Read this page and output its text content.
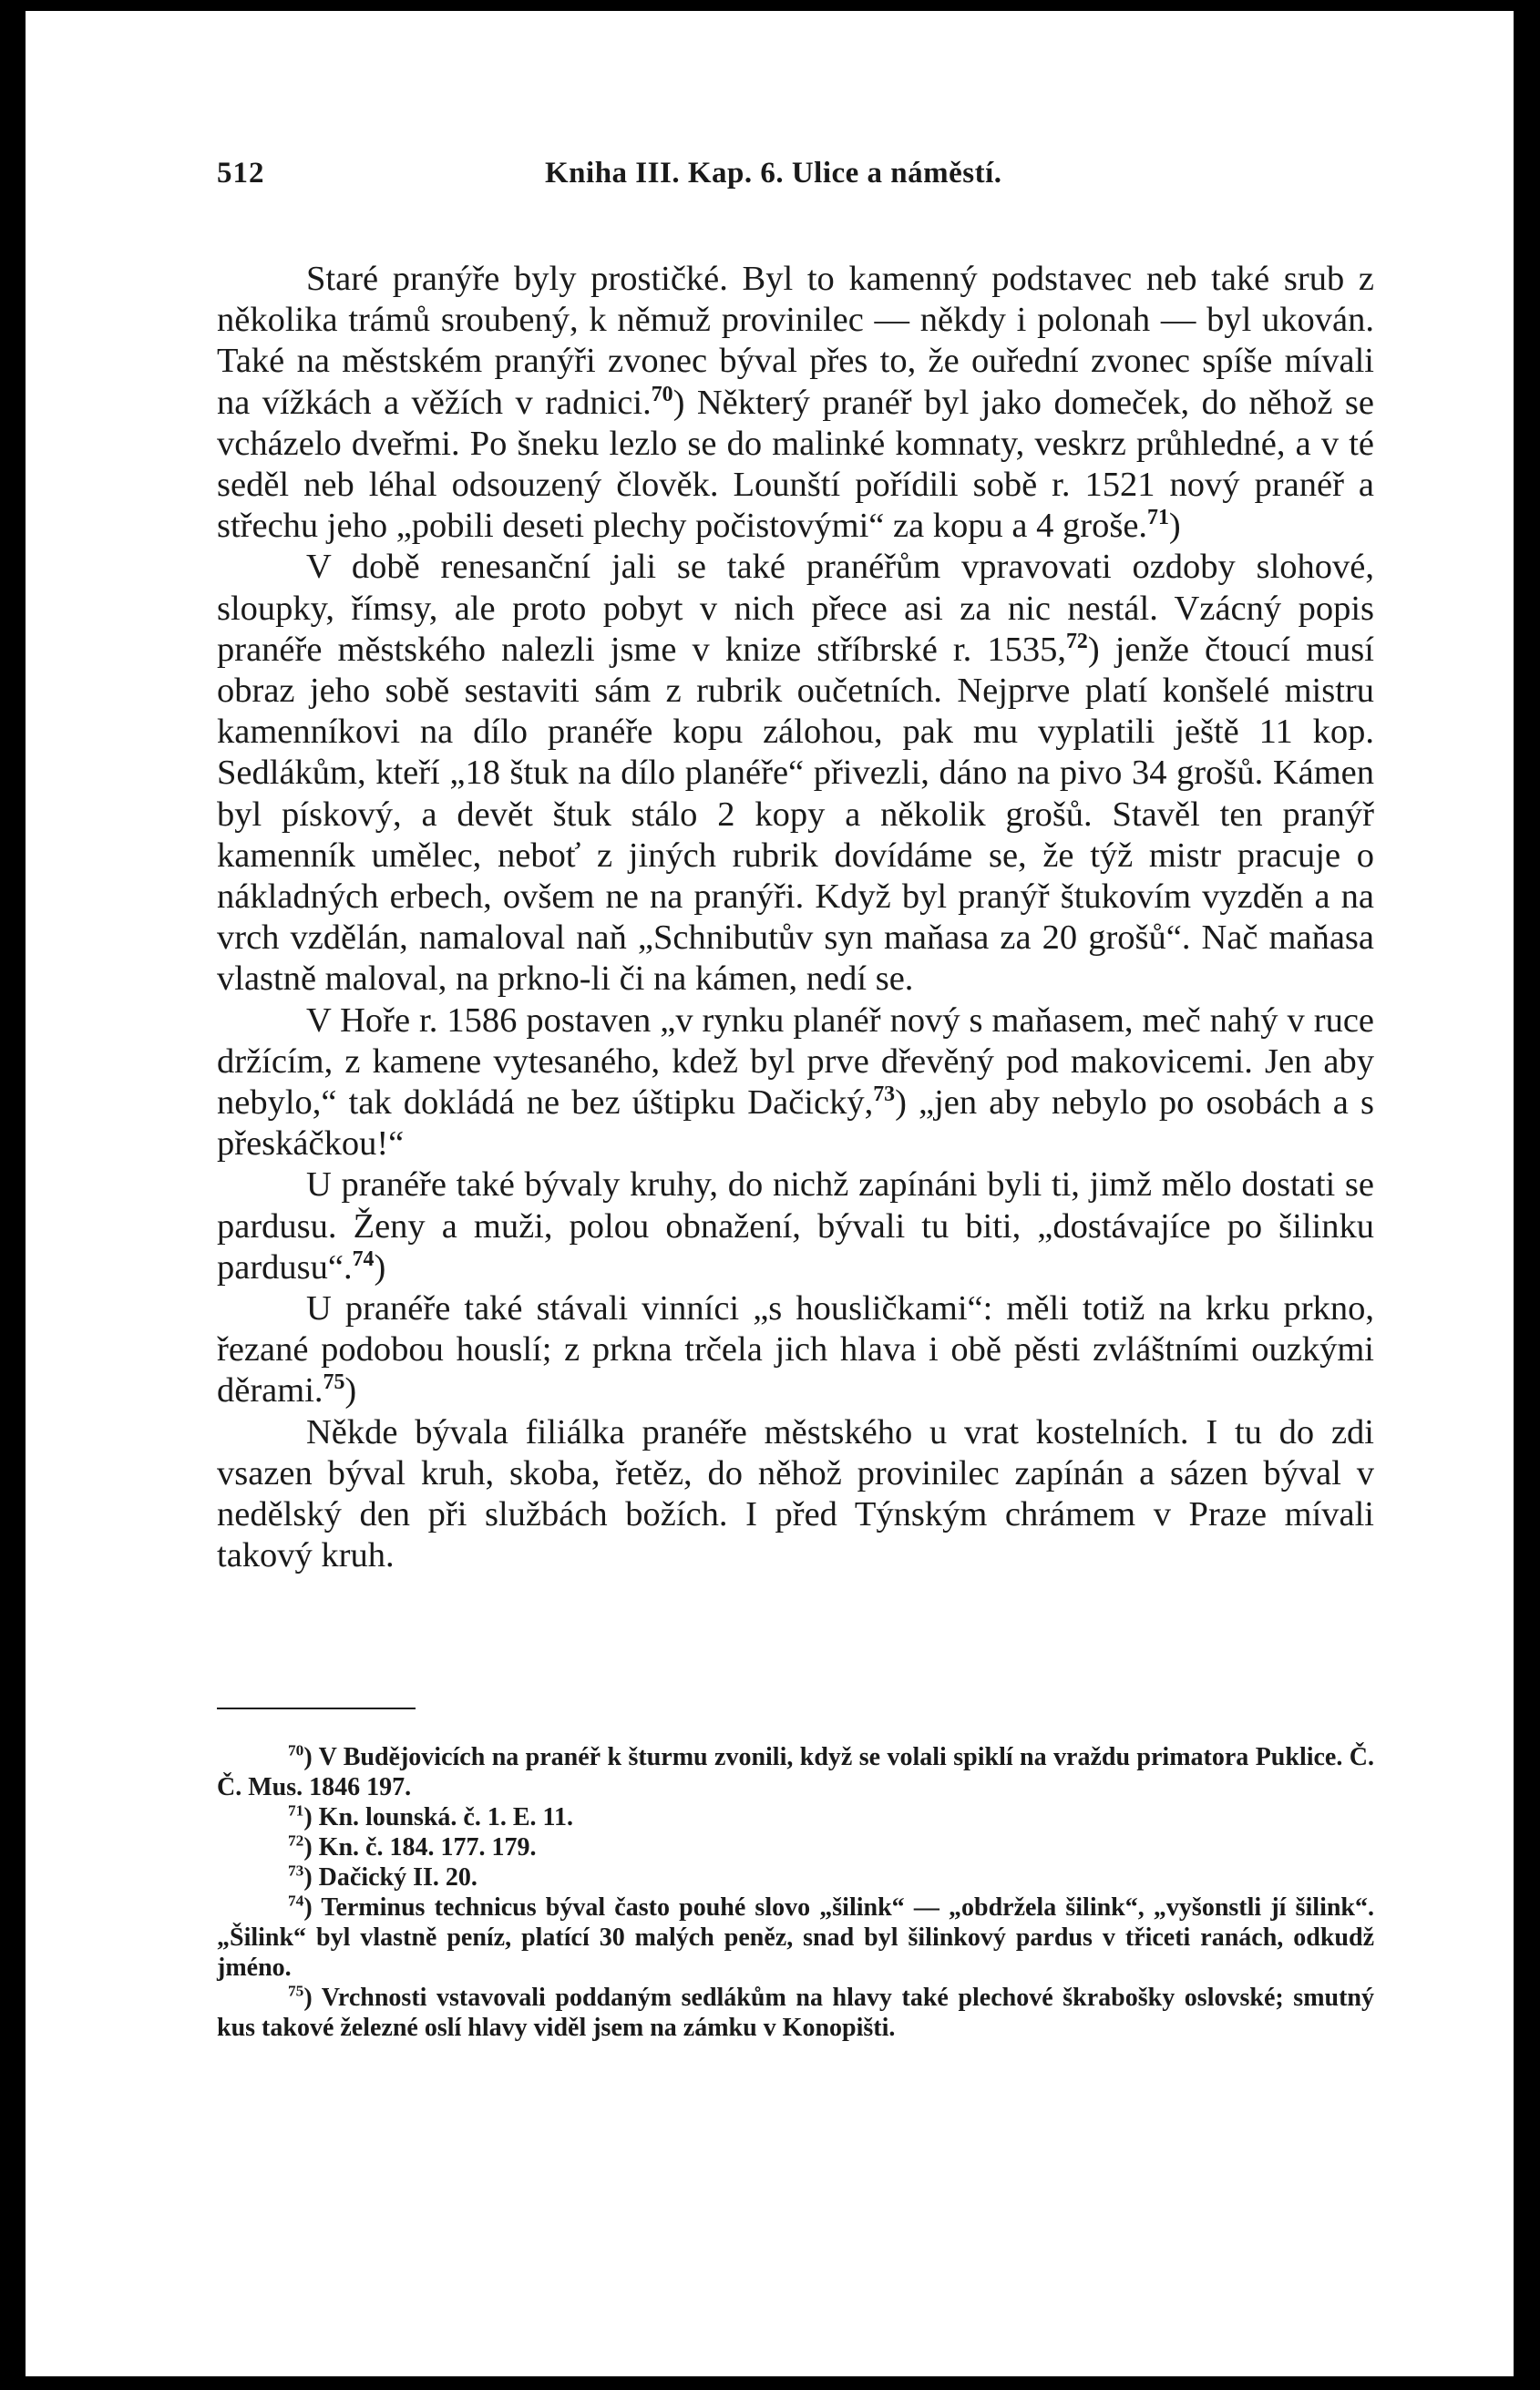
512	Kniha III. Kap. 6. Ulice a náměstí.

Staré pranýře byly prostičké. Byl to kamenný podstavec neb také srub z několika trámů sroubený, k němuž provinilec — někdy i polonah — byl ukován. Také na městském pranýři zvonec býval přes to, že ouřední zvonec spíše mívali na vížkách a věžích v radnici.$^{70}$) Některý pranéř byl jako domeček, do něhož se vcházelo dveřmi. Po šneku lezlo se do malinké komnaty, veskrz průhledné, a v té seděl neb léhal odsouzený člověk. Lounští pořídili sobě r. 1521 nový pranéř a střechu jeho „pobili deseti plechy počistovými“ za kopu a 4 groše.$^{71}$)

V době renesanční jali se také pranéřům vpravovati ozdoby slohové, sloupky, římsy, ale proto pobyt v nich přece asi za nic nestál. Vzácný popis pranéře městského nalezli jsme v knize stříbrské r. 1535,72) jenže čtoucí musí obraz jeho sobě sestaviti sám z rubrik oučetních. Nejprve platí konšelé mistru kamenníkovi na dílo pranéře kopu zálohou, pak mu vyplatili ještě 11 kop. Sedlákům, kteří „18 štuk na dílo planéře“ přivezli, dáno na pivo 34 grošů. Kámen byl pískový, a devět štuk stálo 2 kopy a několik grošů. Stavěl ten pranýř kamenník umělec, neboť z jiných rubrik dovídáme se, že týž mistr pracuje o nákladných erbech, ovšem ne na pranýři. Když byl pranýř štukovím vyzděn a na vrch vzdělán, namaloval naň „Schnibutův syn maňasa za 20 grošů“. Nač maňasa vlastně maloval, na prkno-li či na kámen, nedí se.

V Hoře r. 1586 postaven „v rynku planéř nový s maňasem, meč nahý v ruce držícím, z kamene vytesaného, kdež byl prve dřevěný pod makovicemi. Jen aby nebylo,“ tak dokládá ne bez úštipku Dačický,$^{73}$) „jen aby nebylo po osobách a s přeskáčkou!“

U pranéře také bývaly kruhy, do nichž zapínáni byli ti, jimž mělo dostati se pardusu. Ženy a muži, polou obnažení, bývali tu biti, „dostávajíce po šilinku pardusu“.$^{74}$)

U pranéře také stávali vinníci „s housličkami“: měli totiž na krku prkno, řezané podobou houslí; z prkna trčela jich hlava i obě pěsti zvláštními ouzkými děrami.$^{75}$)

Někde bývala filiálka pranéře městského u vrat kostelních. I tu do zdi vsazen býval kruh, skoba, řetěz, do něhož provinilec zapínán a sázen býval v nedělský den při službách božích. I před Týnským chrámem v Praze mívali takový kruh.

$^{70}$) V Budějovicích na pranéř k šturmu zvonili, když se volali spiklí na vraždu primatora Puklice. Č. Č. Mus. 1846 197.

$^{71}$) Kn. lounská. č. 1. E. 11.

$^{72}$) Kn. č. 184. 177. 179.

$^{73}$) Dačický II. 20.

$^{74}$) Terminus technicus býval často pouhé slovo „šilink“ — „obdržela šilink“, „vyšonstli jí šilink“. „Šilink“ byl vlastně peníz, platící 30 malých peněz, snad byl šilinkový pardus v třiceti ranách, odkudž jméno.

$^{75}$) Vrchnosti vstavovali poddaným sedlákům na hlavy také plechové škrabošky oslovské; smutný kus takové železné oslí hlavy viděl jsem na zámku v Konopišti.
